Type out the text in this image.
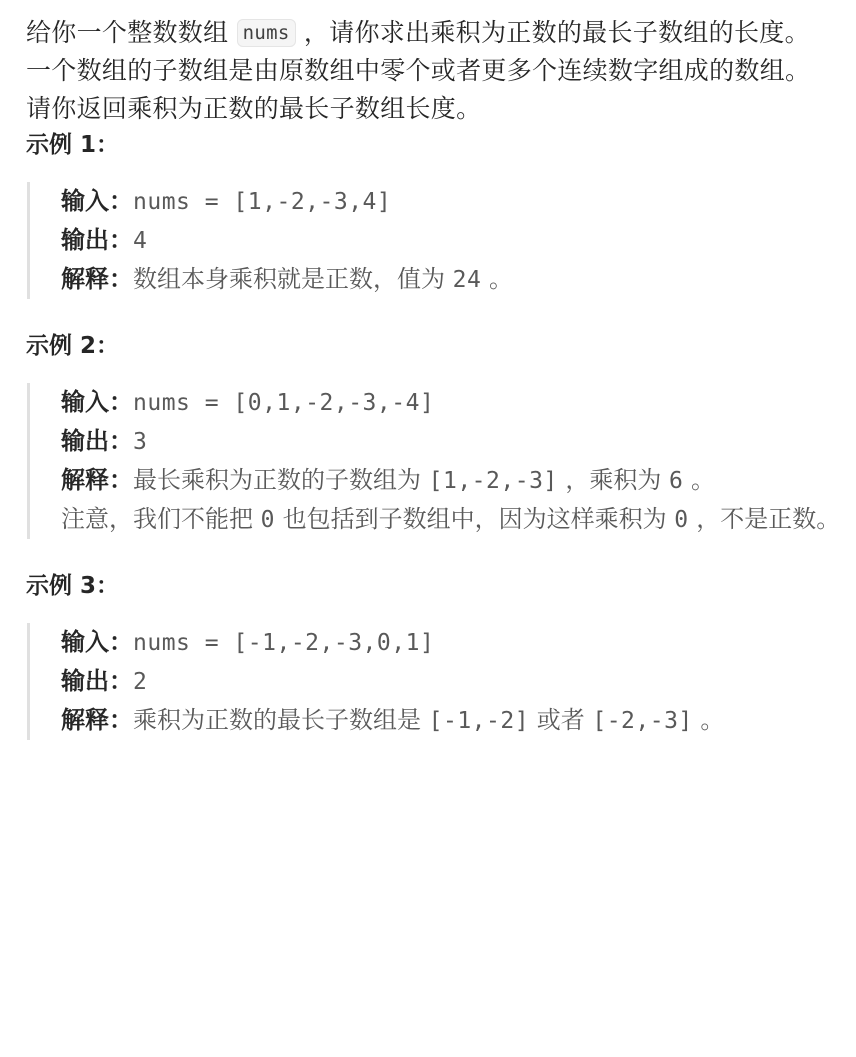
给你一个整数数组 nums ，请你求出乘积为正数的最长子数组的长度。

一个数组的子数组是由原数组中零个或者更多个连续数字组成的数组。

请你返回乘积为正数的最长子数组长度。

示例 1：
输入：nums = [1,-2,-3,4]
输出：4
解释：数组本身乘积就是正数，值为 24 。
示例 2：
输入：nums = [0,1,-2,-3,-4]
输出：3
解释：最长乘积为正数的子数组为 [1,-2,-3] ，乘积为 6 。
注意，我们不能把 0 也包括到子数组中，因为这样乘积为 0 ，不是正数。
示例 3：
输入：nums = [-1,-2,-3,0,1]
输出：2
解释：乘积为正数的最长子数组是 [-1,-2] 或者 [-2,-3] 。
